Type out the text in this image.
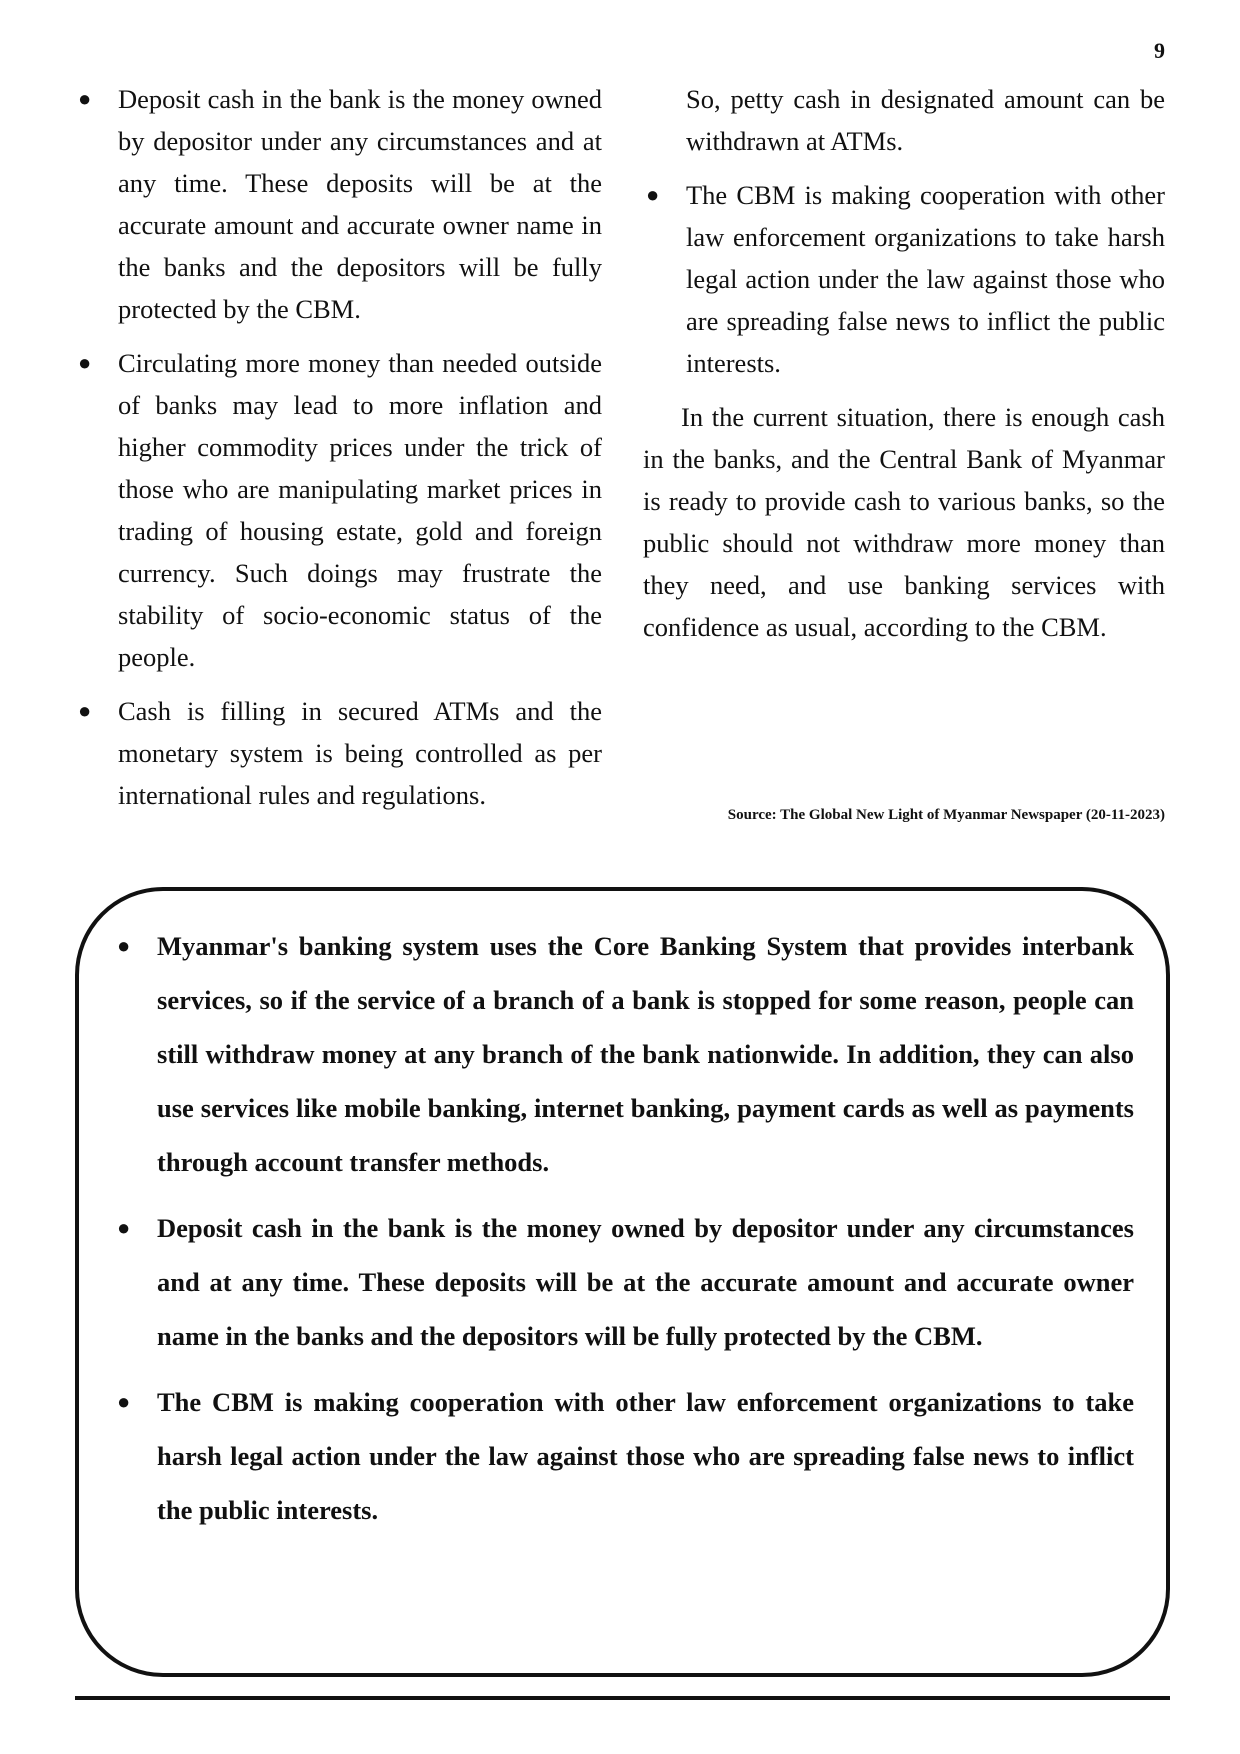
9
● Deposit cash in the bank is the money owned by depositor under any circumstances and at any time. These deposits will be at the accurate amount and accurate owner name in the banks and the depositors will be fully protected by the CBM.
● Circulating more money than needed outside of banks may lead to more inflation and higher commodity prices under the trick of those who are manipulating market prices in trading of housing estate, gold and foreign currency. Such doings may frustrate the stability of socio-economic status of the people.
● Cash is filling in secured ATMs and the monetary system is being controlled as per international rules and regulations.

So, petty cash in designated amount can be withdrawn at ATMs.

● The CBM is making cooperation with other law enforcement organizations to take harsh legal action under the law against those who are spreading false news to inflict the public interests.

In the current situation, there is enough cash in the banks, and the Central Bank of Myanmar is ready to provide cash to various banks, so the public should not withdraw more money than they need, and use banking services with confidence as usual, according to the CBM.

Source: The Global New Light of Myanmar Newspaper (20-11-2023)
● Myanmar's banking system uses the Core Banking System that provides interbank services, so if the service of a branch of a bank is stopped for some reason, people can still withdraw money at any branch of the bank nationwide. In addition, they can also use services like mobile banking, internet banking, payment cards as well as payments through account transfer methods.
● Deposit cash in the bank is the money owned by depositor under any circumstances and at any time. These deposits will be at the accurate amount and accurate owner name in the banks and the depositors will be fully protected by the CBM.
● The CBM is making cooperation with other law enforcement organizations to take harsh legal action under the law against those who are spreading false news to inflict the public interests.
